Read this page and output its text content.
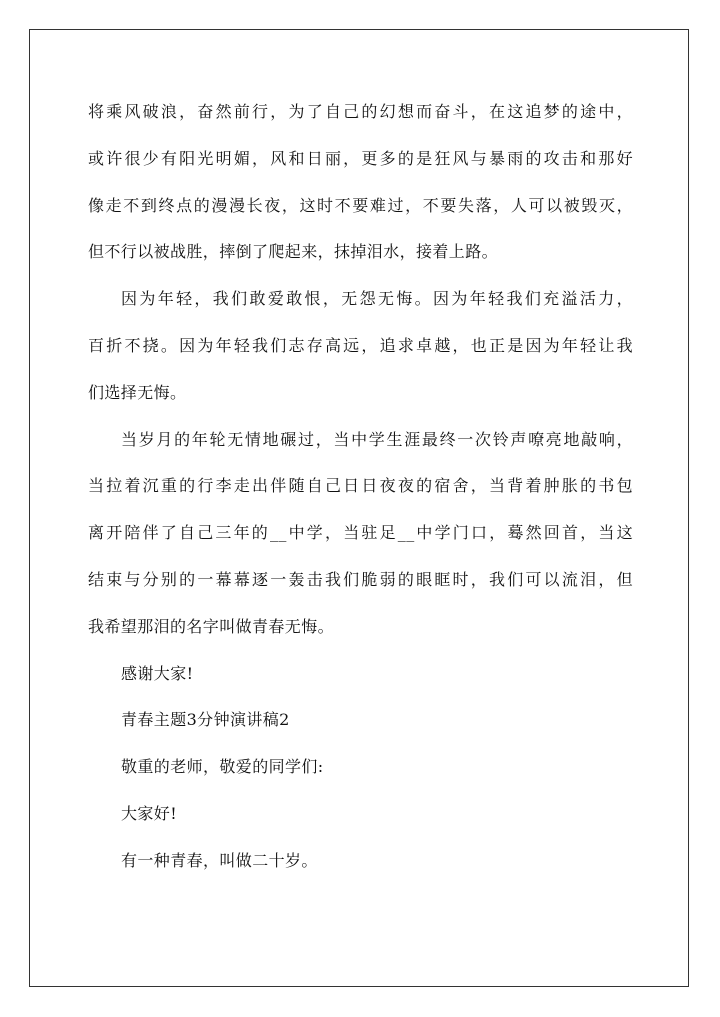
将乘风破浪，奋然前行，为了自己的幻想而奋斗，在这追梦的途中，
或许很少有阳光明媚，风和日丽，更多的是狂风与暴雨的攻击和那好
像走不到终点的漫漫长夜，这时不要难过，不要失落，人可以被毁灭，
但不行以被战胜，摔倒了爬起来，抹掉泪水，接着上路。
因为年轻，我们敢爱敢恨，无怨无悔。因为年轻我们充溢活力，
百折不挠。因为年轻我们志存高远，追求卓越，也正是因为年轻让我
们选择无悔。
当岁月的年轮无情地碾过，当中学生涯最终一次铃声嘹亮地敲响，
当拉着沉重的行李走出伴随自己日日夜夜的宿舍，当背着肿胀的书包
离开陪伴了自己三年的__中学，当驻足__中学门口，蓦然回首，当这
结束与分别的一幕幕逐一轰击我们脆弱的眼眶时，我们可以流泪，但
我希望那泪的名字叫做青春无悔。
感谢大家!
青春主题3分钟演讲稿2
敬重的老师，敬爱的同学们:
大家好!
有一种青春，叫做二十岁。
